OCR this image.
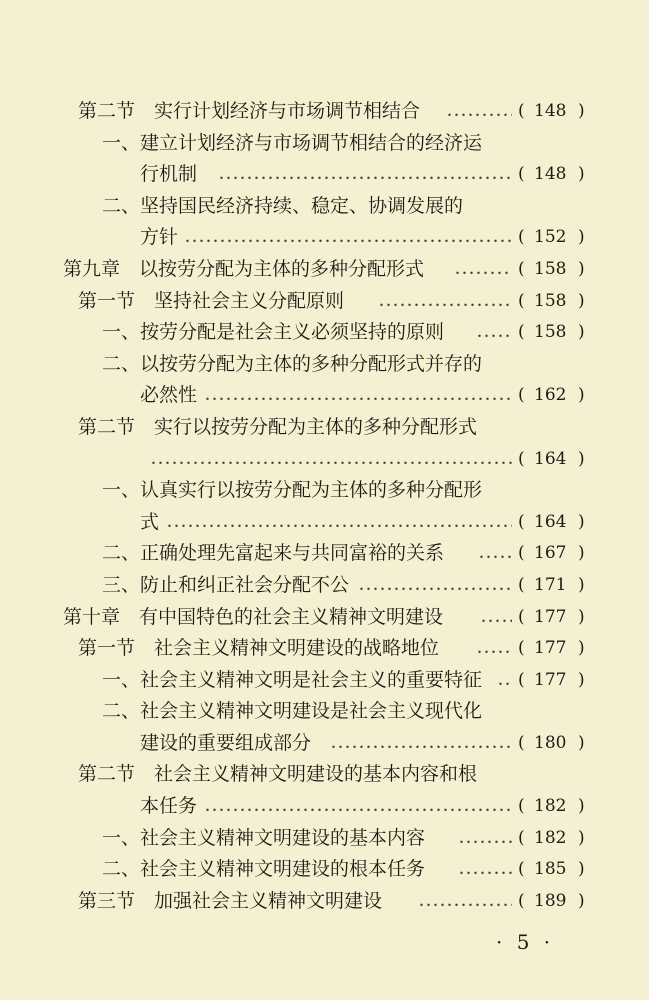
第二节　实行计划经济与市场调节相结合	( 148 )
一、建立计划经济与市场调节相结合的经济运
行机制	( 148 )
二、坚持国民经济持续、稳定、协调发展的
方针	( 152 )
第九章　以按劳分配为主体的多种分配形式	( 158 )
第一节　坚持社会主义分配原则	( 158 )
一、按劳分配是社会主义必须坚持的原则	( 158 )
二、以按劳分配为主体的多种分配形式并存的
必然性	( 162 )
第二节　实行以按劳分配为主体的多种分配形式
( 164 )
一、认真实行以按劳分配为主体的多种分配形
式	( 164 )
二、正确处理先富起来与共同富裕的关系	( 167 )
三、防止和纠正社会分配不公	( 171 )
第十章　有中国特色的社会主义精神文明建设	( 177 )
第一节　社会主义精神文明建设的战略地位	( 177 )
一、社会主义精神文明是社会主义的重要特征 ( 177 )
二、社会主义精神文明建设是社会主义现代化
建设的重要组成部分	( 180 )
第二节　社会主义精神文明建设的基本内容和根
本任务	( 182 )
一、社会主义精神文明建设的基本内容	( 182 )
二、社会主义精神文明建设的根本任务	( 185 )
第三节　加强社会主义精神文明建设	( 189 )
· 5 ·
